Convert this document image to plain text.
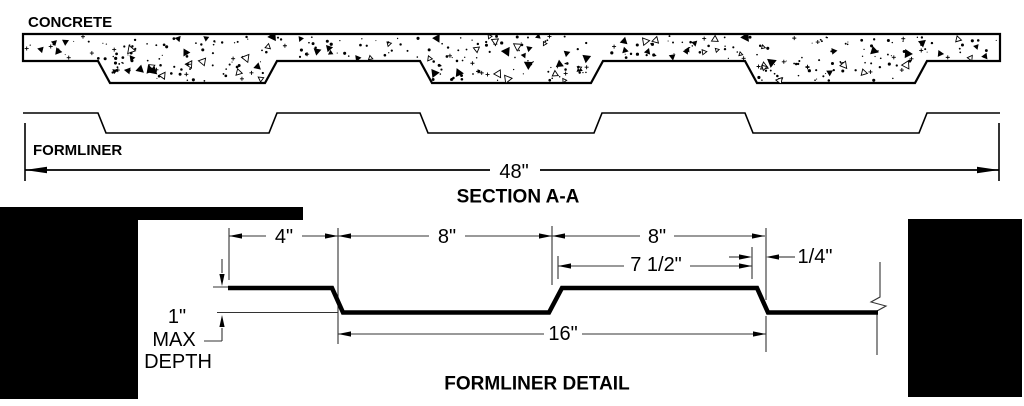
CONCRETE
FORMLINER
48"
SECTION A-A
4"	8"	8"
7 1/2"	1/4"
16"
1"
MAX
DEPTH
FORMLINER DETAIL
